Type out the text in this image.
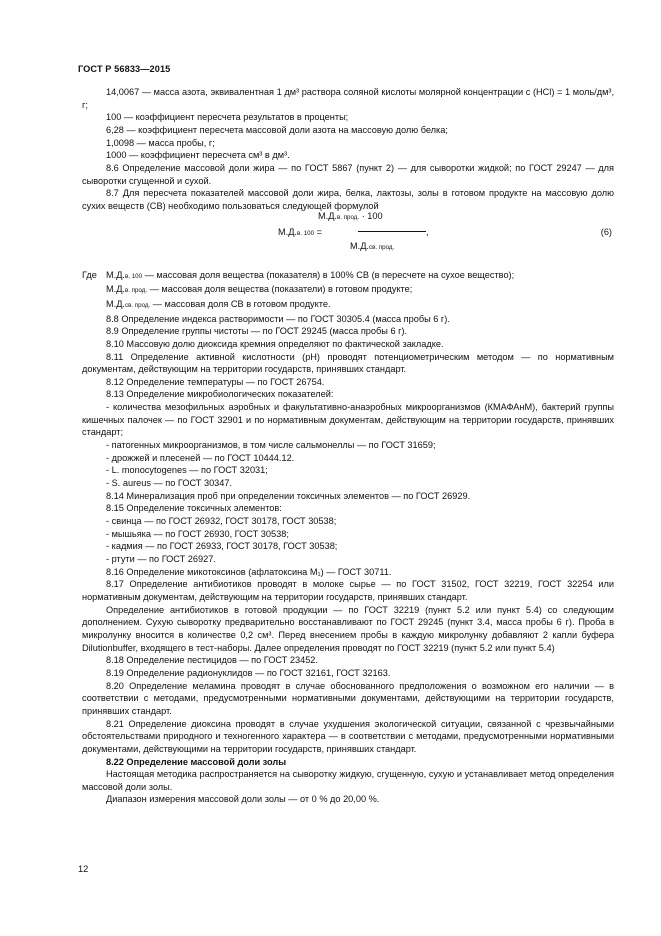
ГОСТ Р 56833—2015

14,0067 — масса азота, эквивалентная 1 дм³ раствора соляной кислоты молярной концентрации c (HCl) = 1 моль/дм³, г;

100 — коэффициент пересчета результатов в проценты;

6,28 — коэффициент пересчета массовой доли азота на массовую долю белка;

1,0098 — масса пробы, г;

1000 — коэффициент пересчета см³ в дм³.

8.6 Определение массовой доли жира — по ГОСТ 5867 (пункт 2) — для сыворотки жидкой; по ГОСТ 29247 — для сыворотки сгущенной и сухой.

8.7 Для пересчета показателей массовой доли жира, белка, лактозы, золы в готовом продукте на массовую долю сухих веществ (СВ) необходимо пользоваться следующей формулой

М.Д.в. прод. · 100
М.Д.в. 100 =	,
М.Д.св. прод.
(6)

Где М.Д.в. 100 — массовая доля вещества (показателя) в 100% СВ (в пересчете на сухое вещество);

М.Д.в. прод. — массовая доля вещества (показатели) в готовом продукте;

М.Д.св. прод. — массовая доля СВ в готовом продукте.

8.8 Определение индекса растворимости — по ГОСТ 30305.4 (масса пробы 6 г).

8.9 Определение группы чистоты — по ГОСТ 29245 (масса пробы 6 г).

8.10 Массовую долю диоксида кремния определяют по фактической закладке.

8.11 Определение активной кислотности (pH) проводят потенциометрическим методом — по нормативным документам, действующим на территории государств, принявших стандарт.

8.12 Определение температуры — по ГОСТ 26754.

8.13 Определение микробиологических показателей:

- количества мезофильных аэробных и факультативно-анаэробных микроорганизмов (КМАФАнМ), бактерий группы кишечных палочек — по ГОСТ 32901 и по нормативным документам, действующим на территории государств, принявших стандарт;

- патогенных микроорганизмов, в том числе сальмонеллы — по ГОСТ 31659;

- дрожжей и плесеней — по ГОСТ 10444.12.

- L. monocytogenes — по ГОСТ 32031;

- S. aureus — по ГОСТ 30347.

8.14 Минерализация проб при определении токсичных элементов — по ГОСТ 26929.

8.15 Определение токсичных элементов:

- свинца — по ГОСТ 26932, ГОСТ 30178, ГОСТ 30538;

- мышьяка — по ГОСТ 26930, ГОСТ 30538;

- кадмия — по ГОСТ 26933, ГОСТ 30178, ГОСТ 30538;

- ртути — по ГОСТ 26927.

8.16 Определение микотоксинов (афлатоксина M₁) — ГОСТ 30711.

8.17 Определение антибиотиков проводят в молоке сырье — по ГОСТ 31502, ГОСТ 32219, ГОСТ 32254 или нормативным документам, действующим на территории государств, принявших стандарт.

Определение антибиотиков в готовой продукции — по ГОСТ 32219 (пункт 5.2 или пункт 5.4) со следующим дополнением. Сухую сыворотку предварительно восстанавливают по ГОСТ 29245 (пункт 3.4, масса пробы 6 г). Проба в микролунку вносится в количестве 0,2 см³. Перед внесением пробы в каждую микролунку добавляют 2 капли буфера Dilutionbuffer, входящего в тест-наборы. Далее определения проводят по ГОСТ 32219 (пункт 5.2 или пункт 5.4)

8.18 Определение пестицидов — по ГОСТ 23452.

8.19 Определение радионуклидов — по ГОСТ 32161, ГОСТ 32163.

8.20 Определение меламина проводят в случае обоснованного предположения о возможном его наличии — в соответствии с методами, предусмотренными нормативными документами, действующими на территории государств, принявших стандарт.

8.21 Определение диоксина проводят в случае ухудшения экологической ситуации, связанной с чрезвычайными обстоятельствами природного и техногенного характера — в соответствии с методами, предусмотренными нормативными документами, действующими на территории государств, принявших стандарт.

8.22 Определение массовой доли золы

Настоящая методика распространяется на сыворотку жидкую, сгущенную, сухую и устанавливает метод определения массовой доли золы.

Диапазон измерения массовой доли золы — от 0 % до 20,00 %.

12
